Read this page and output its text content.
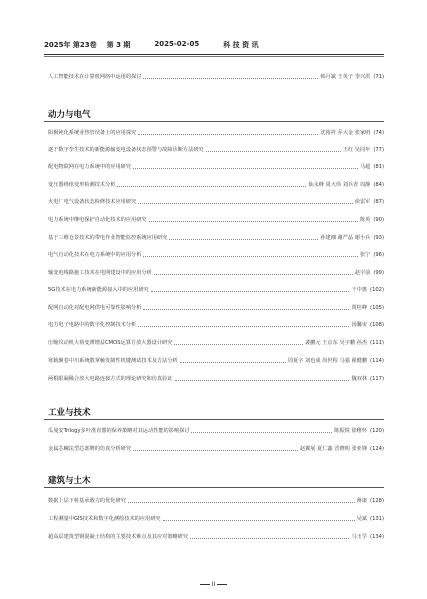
2025年 第23卷 第 3 期	2025-02-05	科 技 资 讯
人工智能技术在计算机网络中运用的探讨	韩月斌 王英子 李兴洪 (71)
动力与电气
阳极钝化系统业热管误备上的应用探究	沈裕祥 乔大金 张家明 (74)
逐干数字孪生技术的新能源输变电设备状态预警与故障诊断方法研究	王红 吴同年 (77)
配电物联网在电力系统中的应用研究	马超 (81)
变压器绕组变形检测技术分析	仙永峰 周大伟 刘兵青 周静 (84)
火电厂电气设备状态检修技术应用研究	俞雷军 (87)
电力系统中继电保护自动化技术的应用研究	陈英 (90)
基于三维仓景技术的带电作业智能监控系统应用研究	孙建湘 谢严晶 谢小兵 (93)
电气自动化技术在电力系统中的应用分析	张宁 (96)
输变电线路施工技术在电网建设中的应用分析	赵宇前 (99)
5G技术在电力系统新能源接入中的应用研究	千中惠 (102)
配网自动化对配电网供电可靠性影响分析	贾桂峰 (105)
电力电子电路中的数字化控制技术分析	汤馨宙 (108)
压缩仪动机大荷变薄增益CMOS运算方放大器设计研究	裴鹏元 王京东 吴宇鹏 孙杰 (111)
寒载聚卷中川系统散掌触发制性机键测试技术及方法分析	周夏字 刘也成 尚世程 马强 翟健鹏 (114)
两根限凝稀合放大电路连接方式的理论研究和仿真验证	魏双林 (117)
工业与技术
瓜曼安Trilogy多叶准直器的保养策略对其运动性能的影响探讨	陈振锐 徐稚怀 (120)
金属芯螺法型芯部牌的仿真分析研究	赵翼展 夏仁鑫 晋晓明 张亚锋 (124)
建筑与土木
数据上层下桩基承载力的优化研究	蒋康 (128)
工程测量中GIS技术和数字化测绘技术的应用研究	吴斌 (131)
超高层建筑型钢混凝土结构的主要技术难点及其应对策略研究	马玉学 (134)
II
